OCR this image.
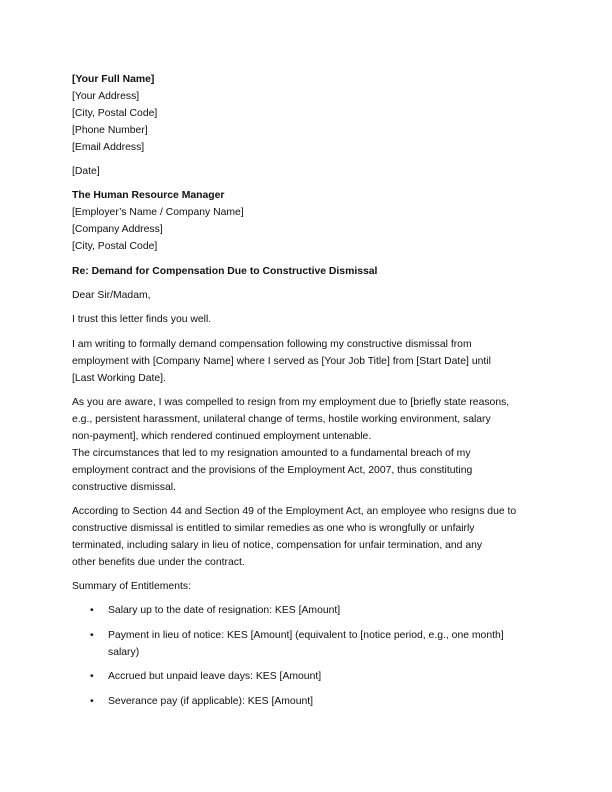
[Your Full Name]
[Your Address]
[City, Postal Code]
[Phone Number]
[Email Address]
[Date]
The Human Resource Manager
[Employer’s Name / Company Name]
[Company Address]
[City, Postal Code]
Re: Demand for Compensation Due to Constructive Dismissal
Dear Sir/Madam,
I trust this letter finds you well.
I am writing to formally demand compensation following my constructive dismissal from
employment with [Company Name] where I served as [Your Job Title] from [Start Date] until
[Last Working Date].
As you are aware, I was compelled to resign from my employment due to [briefly state reasons,
e.g., persistent harassment, unilateral change of terms, hostile working environment, salary
non-payment], which rendered continued employment untenable.
The circumstances that led to my resignation amounted to a fundamental breach of my
employment contract and the provisions of the Employment Act, 2007, thus constituting
constructive dismissal.
According to Section 44 and Section 49 of the Employment Act, an employee who resigns due to
constructive dismissal is entitled to similar remedies as one who is wrongfully or unfairly
terminated, including salary in lieu of notice, compensation for unfair termination, and any
other benefits due under the contract.
Summary of Entitlements:
• Salary up to the date of resignation: KES [Amount]
• Payment in lieu of notice: KES [Amount] (equivalent to [notice period, e.g., one month]
salary)
• Accrued but unpaid leave days: KES [Amount]
• Severance pay (if applicable): KES [Amount]
